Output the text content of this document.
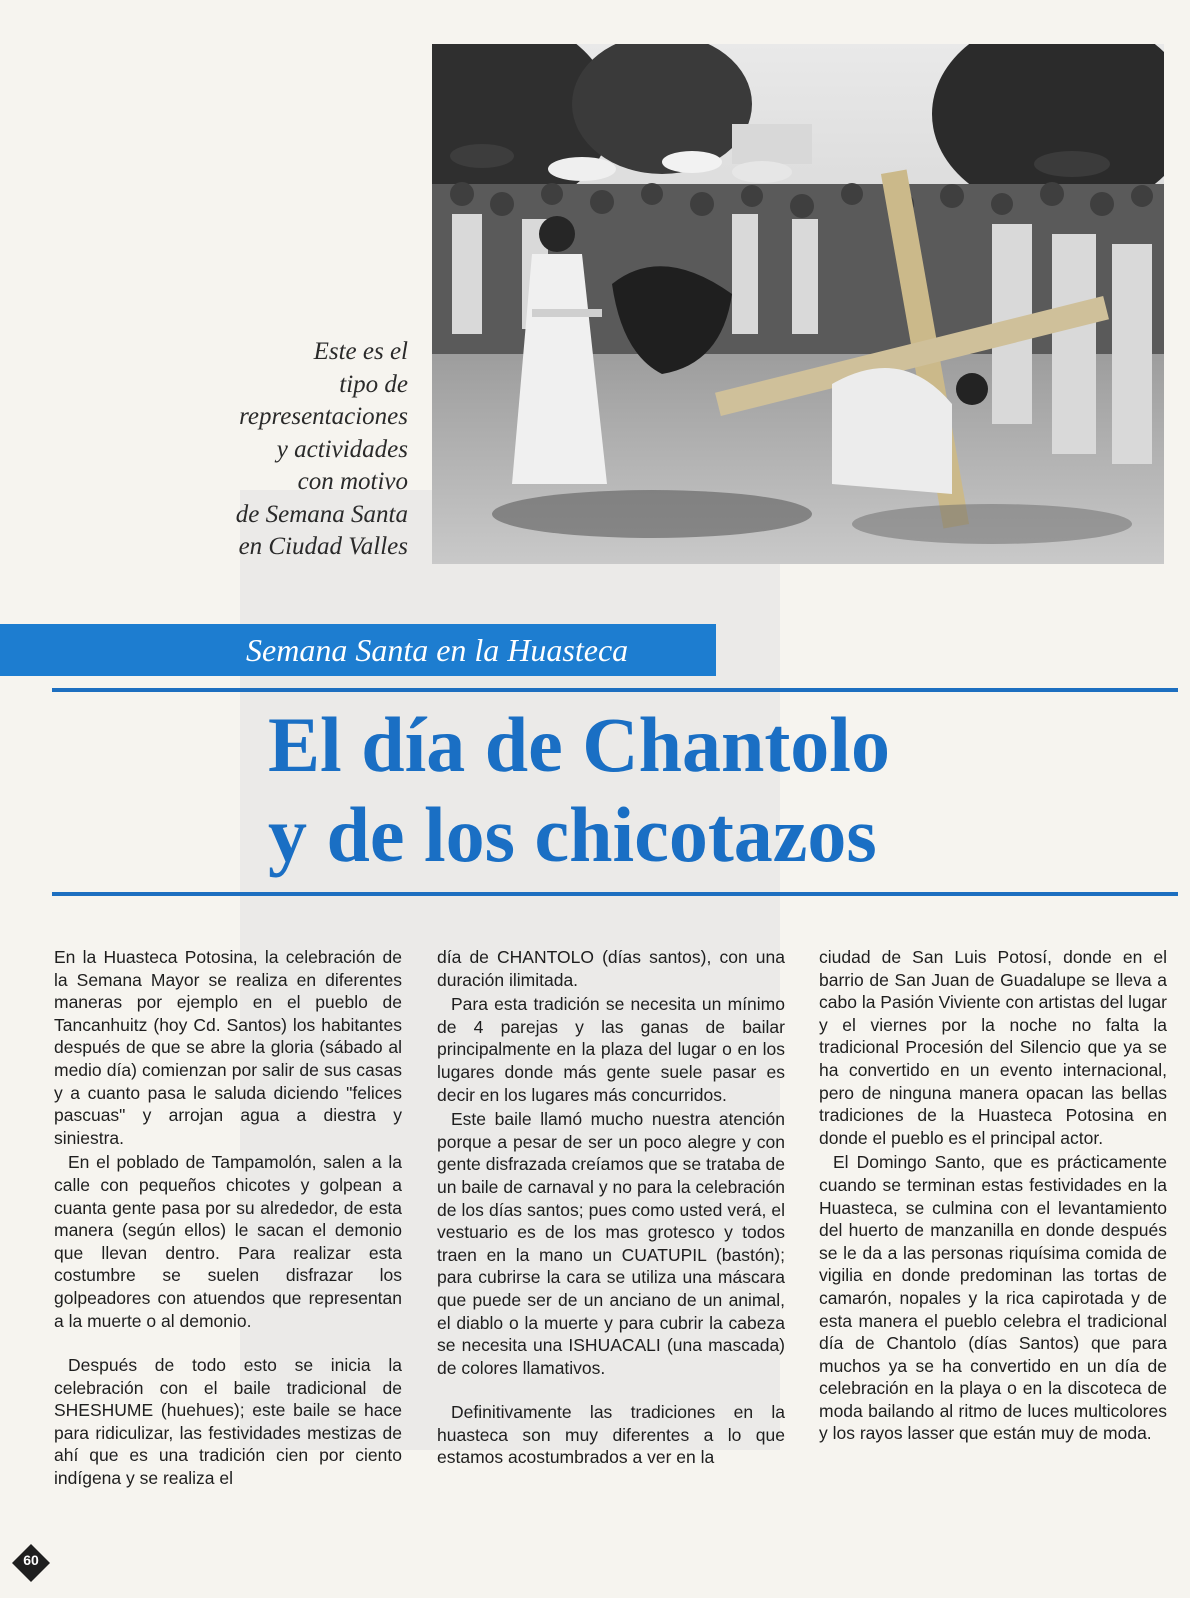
Este es el
tipo de
representaciones
y actividades
con motivo
de Semana Santa
en Ciudad Valles
Semana Santa en la Huasteca
El día de Chantolo
y de los chicotazos

En la Huasteca Potosina, la celebración de la Semana Mayor se realiza en diferentes maneras por ejemplo en el pueblo de Tancanhuitz (hoy Cd. Santos) los habitantes después de que se abre la gloria (sábado al medio día) comienzan por salir de sus casas y a cuanto pasa le saluda diciendo "felices pascuas" y arrojan agua a diestra y siniestra.

En el poblado de Tampamolón, salen a la calle con pequeños chicotes y golpean a cuanta gente pasa por su alrededor, de esta manera (según ellos) le sacan el demonio que llevan dentro. Para realizar esta costumbre se suelen disfrazar los golpeadores con atuendos que representan a la muerte o al demonio.

Después de todo esto se inicia la celebración con el baile tradicional de SHESHUME (huehues); este baile se hace para ridiculizar, las festividades mestizas de ahí que es una tradición cien por ciento indígena y se realiza el

día de CHANTOLO (días santos), con una duración ilimitada.

Para esta tradición se necesita un mínimo de 4 parejas y las ganas de bailar principalmente en la plaza del lugar o en los lugares donde más gente suele pasar es decir en los lugares más concurridos.

Este baile llamó mucho nuestra atención porque a pesar de ser un poco alegre y con gente disfrazada creíamos que se trataba de un baile de carnaval y no para la celebración de los días santos; pues como usted verá, el vestuario es de los mas grotesco y todos traen en la mano un CUATUPIL (bastón); para cubrirse la cara se utiliza una máscara que puede ser de un anciano de un animal, el diablo o la muerte y para cubrir la cabeza se necesita una ISHUACALI (una mascada) de colores llamativos.

Definitivamente las tradiciones en la huasteca son muy diferentes a lo que estamos acostumbrados a ver en la

ciudad de San Luis Potosí, donde en el barrio de San Juan de Guadalupe se lleva a cabo la Pasión Viviente con artistas del lugar y el viernes por la noche no falta la tradicional Procesión del Silencio que ya se ha convertido en un evento internacional, pero de ninguna manera opacan las bellas tradiciones de la Huasteca Potosina en donde el pueblo es el principal actor.

El Domingo Santo, que es prácticamente cuando se terminan estas festividades en la Huasteca, se culmina con el levantamiento del huerto de manzanilla en donde después se le da a las personas riquísima comida de vigilia en donde predominan las tortas de camarón, nopales y la rica capirotada y de esta manera el pueblo celebra el tradicional día de Chantolo (días Santos) que para muchos ya se ha convertido en un día de celebración en la playa o en la discoteca de moda bailando al ritmo de luces multicolores y los rayos lasser que están muy de moda.

60
